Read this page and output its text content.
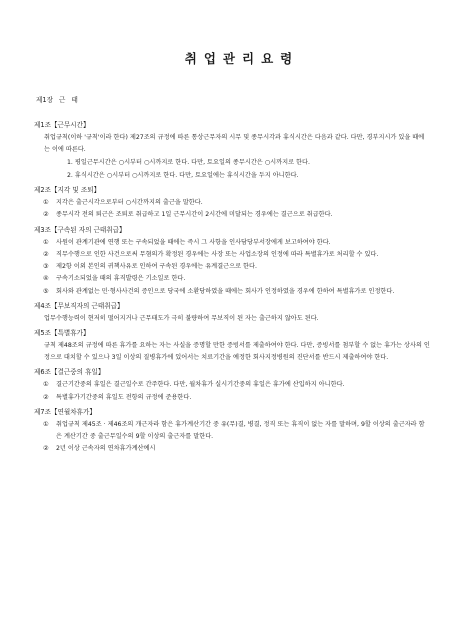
취업관리요령
제1장 근 태
제1조【근무시간】
취업규칙(이하 '규칙'이라 한다) 제27조의 규정에 따른 통상근무자의 시무 및 종무시각과 휴식시간은 다음과 같다. 다만, 경부지시가 있을 때에는 이에 따른다.
1. 평일근무시간은 ○시부터 ○시까지로 한다. 다만, 토요일의 종무시간은 ○시까지로 한다.
2. 휴식시간은 ○시부터 ○시까지로 한다. 다만, 토요일에는 휴식시간을 두지 아니한다.
제2조【지각 및 조퇴】
① 지각은 출근시각으로부터 ○시간까지의 출근을 말한다.
② 종무시각 전의 퇴근은 조퇴로 취급하고 1일 근무시간이 2시간에 미달되는 경우에는 결근으로 취급한다.
제3조【구속된 자의 근태취급】
① 사원이 관계기관에 연행 또는 구속되었을 때에는 즉시 그 사항을 인사담당부서장에게 보고하여야 한다.
② 직무수행으로 인한 사건으로써 무혐의가 확정된 경우에는 사장 또는 사업소장의 인정에 따라 특별휴가로 처리할 수 있다.
③ 제2항 이외 본인의 귀책사유로 인하여 구속된 경우에는 유계결근으로 한다.
④ 구속기소되었을 때의 휴직발령은 기소일로 한다.
⑤ 회사와 관계없는 민·형사사건의 증인으로 당국에 소환당하였을 때에는 회사가 인정하였을 경우에 한하여 특별휴가로 인정한다.
제4조【무보직자의 근태취급】
업무수행능력이 현저히 떨어지거나 근무태도가 극히 불량하여 무보직이 된 자는 출근하지 않아도 된다.
제5조【특별휴가】
규칙 제48조의 규정에 따른 휴가를 요하는 자는 사실을 증명할 만한 증빙서를 제출하여야 한다. 다만, 증빙서를 첨부할 수 없는 휴가는 상사의 인정으로 대치할 수 있으나 3일 이상의 질병휴가에 있어서는 치료기간을 예정한 회사지정병원의 진단서를 반드시 제출하여야 한다.
제6조【결근중의 휴일】
① 결근기간중의 휴일은 결근일수로 간주한다. 다만, 월차휴가 실시기간중의 휴일은 휴가에 산입하지 아니한다.
② 특별휴가기간중의 휴일도 전항의 규정에 준용한다.
제7조【연월차휴가】
① 취업규칙 제45조 · 제46조의 개근자라 함은 휴가계산기간 중 유(무)결, 병결, 정직 또는 휴직이 없는 자를 말하며, 9할 이상의 출근자라 함은 계산기간 중 출근무일수의 9할 이상의 출근자를 말한다.
② 2년 이상 근속자의 연차휴가계산예시
